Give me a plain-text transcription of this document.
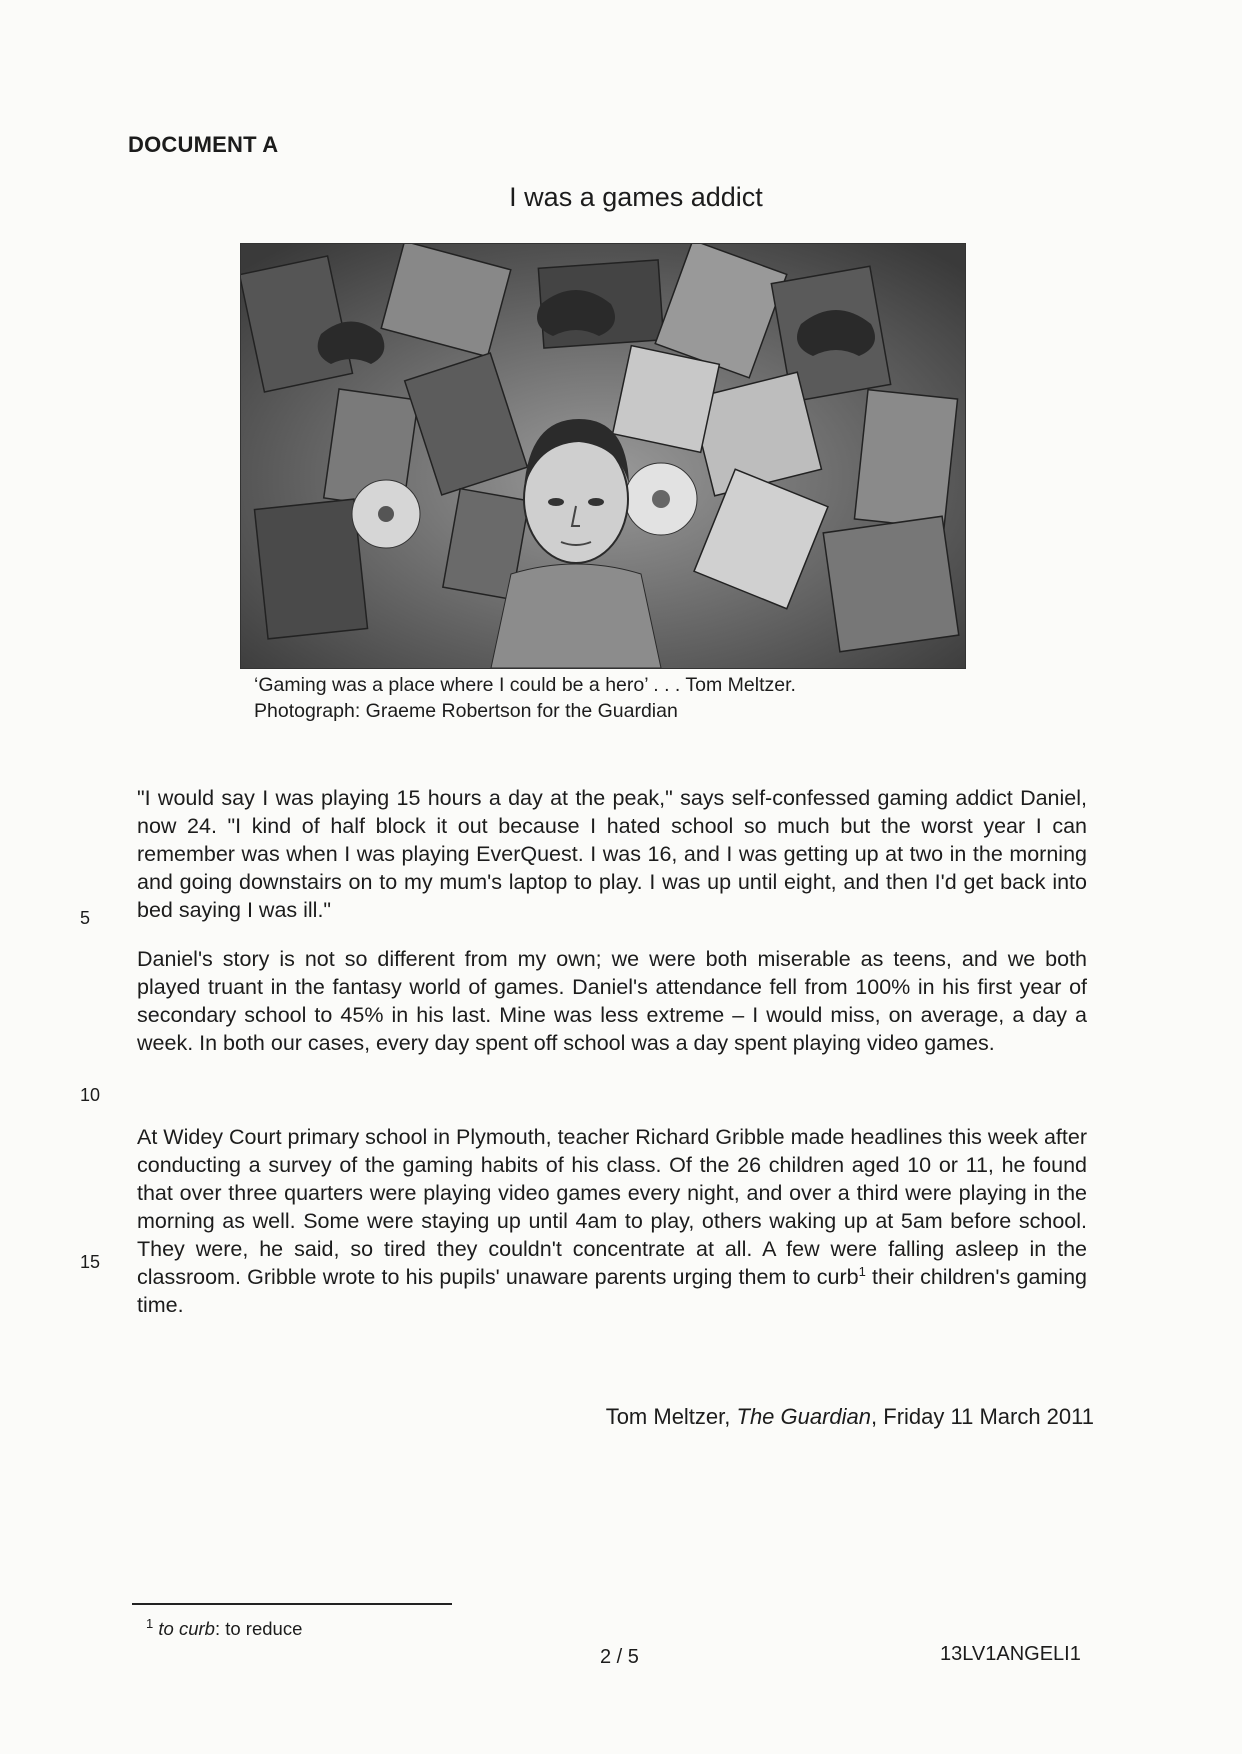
DOCUMENT A
I was a games addict
‘Gaming was a place where I could be a hero’ . . . Tom Meltzer.
Photograph: Graeme Robertson for the Guardian
"I would say I was playing 15 hours a day at the peak," says self-confessed gaming addict Daniel, now 24. "I kind of half block it out because I hated school so much but the worst year I can remember was when I was playing EverQuest. I was 16, and I was getting up at two in the morning and going downstairs on to my mum's laptop to play. I was up until eight, and then I'd get back into bed saying I was ill."
5
Daniel's story is not so different from my own; we were both miserable as teens, and we both played truant in the fantasy world of games. Daniel's attendance fell from 100% in his first year of secondary school to 45% in his last. Mine was less extreme – I would miss, on average, a day a week. In both our cases, every day spent off school was a day spent playing video games.
10
At Widey Court primary school in Plymouth, teacher Richard Gribble made headlines this week after conducting a survey of the gaming habits of his class. Of the 26 children aged 10 or 11, he found that over three quarters were playing video games every night, and over a third were playing in the morning as well. Some were staying up until 4am to play, others waking up at 5am before school. They were, he said, so tired they couldn't concentrate at all. A few were falling asleep in the classroom. Gribble wrote to his pupils' unaware parents urging them to curb$^1$ their children's gaming time.
15
Tom Meltzer, The Guardian, Friday 11 March 2011
$^1$ to curb: to reduce
2 / 5	13LV1ANGELI1
